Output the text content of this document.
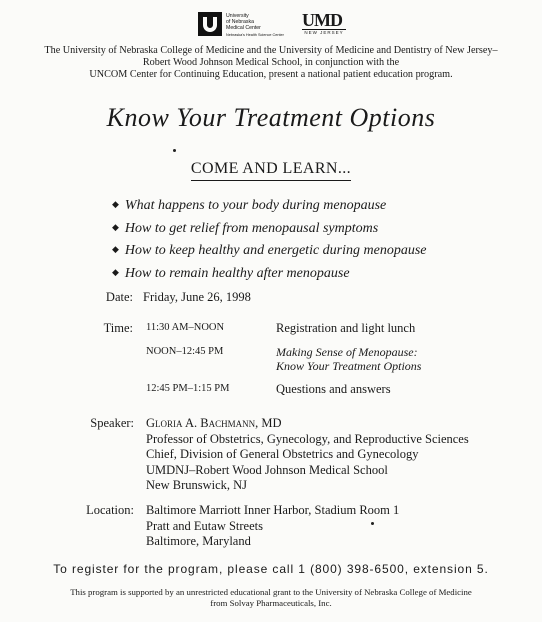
University
of Nebraska
Medical Center
Nebraska's Health Science Center
UMD
NEW JERSEY
The University of Nebraska College of Medicine and the University of Medicine and Dentistry of New Jersey–
Robert Wood Johnson Medical School, in conjunction with the
UNCOM Center for Continuing Education, present a national patient education program.
Know Your Treatment Options
COME AND LEARN...
◆ What happens to your body during menopause
◆ How to get relief from menopausal symptoms
◆ How to keep healthy and energetic during menopause
◆ How to remain healthy after menopause
Date: Friday, June 26, 1998
Time: 11:30 AM–NOON	Registration and light lunch
NOON–12:45 PM	Making Sense of Menopause:
Know Your Treatment Options
12:45 PM–1:15 PM	Questions and answers
Speaker: Gloria A. Bachmann, MD
Professor of Obstetrics, Gynecology, and Reproductive Sciences
Chief, Division of General Obstetrics and Gynecology
UMDNJ–Robert Wood Johnson Medical School
New Brunswick, NJ
Location: Baltimore Marriott Inner Harbor, Stadium Room 1
Pratt and Eutaw Streets
Baltimore, Maryland
To register for the program, please call 1 (800) 398-6500, extension 5.
This program is supported by an unrestricted educational grant to the University of Nebraska College of Medicine
from Solvay Pharmaceuticals, Inc.
